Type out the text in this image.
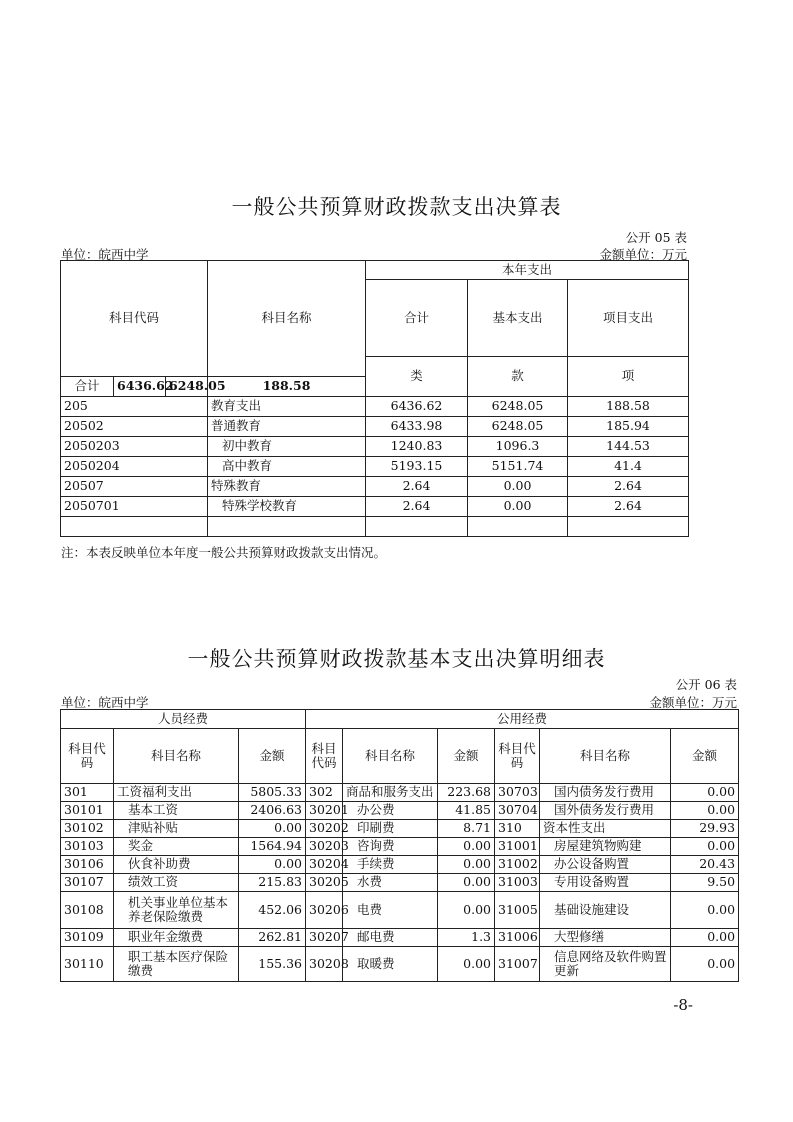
一般公共预算财政拨款支出决算表
公开 05 表
单位：皖西中学	金额单位：万元
科目代码			科目名称	本年支出			
				合计	基本支出	项目支出	
				类	款	项				
合计	6436.62	6248.05	188.58				
205			教育支出	6436.62	6248.05	188.58	
20502			普通教育	6433.98	6248.05	185.94	
2050203			初中教育	1240.83	1096.3	144.53	
2050204			高中教育	5193.15	5151.74	41.4	
20507			特殊教育	2.64	0.00	2.64	
2050701			特殊学校教育	2.64	0.00	2.64	

注：本表反映单位本年度一般公共预算财政拨款支出情况。
一般公共预算财政拨款基本支出决算明细表
公开 06 表
单位：皖西中学	金额单位：万元
人员经费			公用经费					
科目代码	科目名称	金额	科目代码	科目名称	金额	科目代码	科目名称	金额
301	工资福利支出	5805.33	302	商品和服务支出	223.68	30703	国内债务发行费用	0.00
30101	基本工资	2406.63	30201	办公费	41.85	30704	国外债务发行费用	0.00
30102	津贴补贴	0.00	30202	印刷费	8.71	310	资本性支出	29.93
30103	奖金	1564.94	30203	咨询费	0.00	31001	房屋建筑物购建	0.00
30106	伙食补助费	0.00	30204	手续费	0.00	31002	办公设备购置	20.43
30107	绩效工资	215.83	30205	水费	0.00	31003	专用设备购置	9.50
30108	机关事业单位基本养老保险缴费	452.06	30206	电费	0.00	31005	基础设施建设	0.00
30109	职业年金缴费	262.81	30207	邮电费	1.3	31006	大型修缮	0.00
30110	职工基本医疗保险缴费	155.36	30208	取暖费	0.00	31007	信息网络及软件购置更新	0.00
-8-
